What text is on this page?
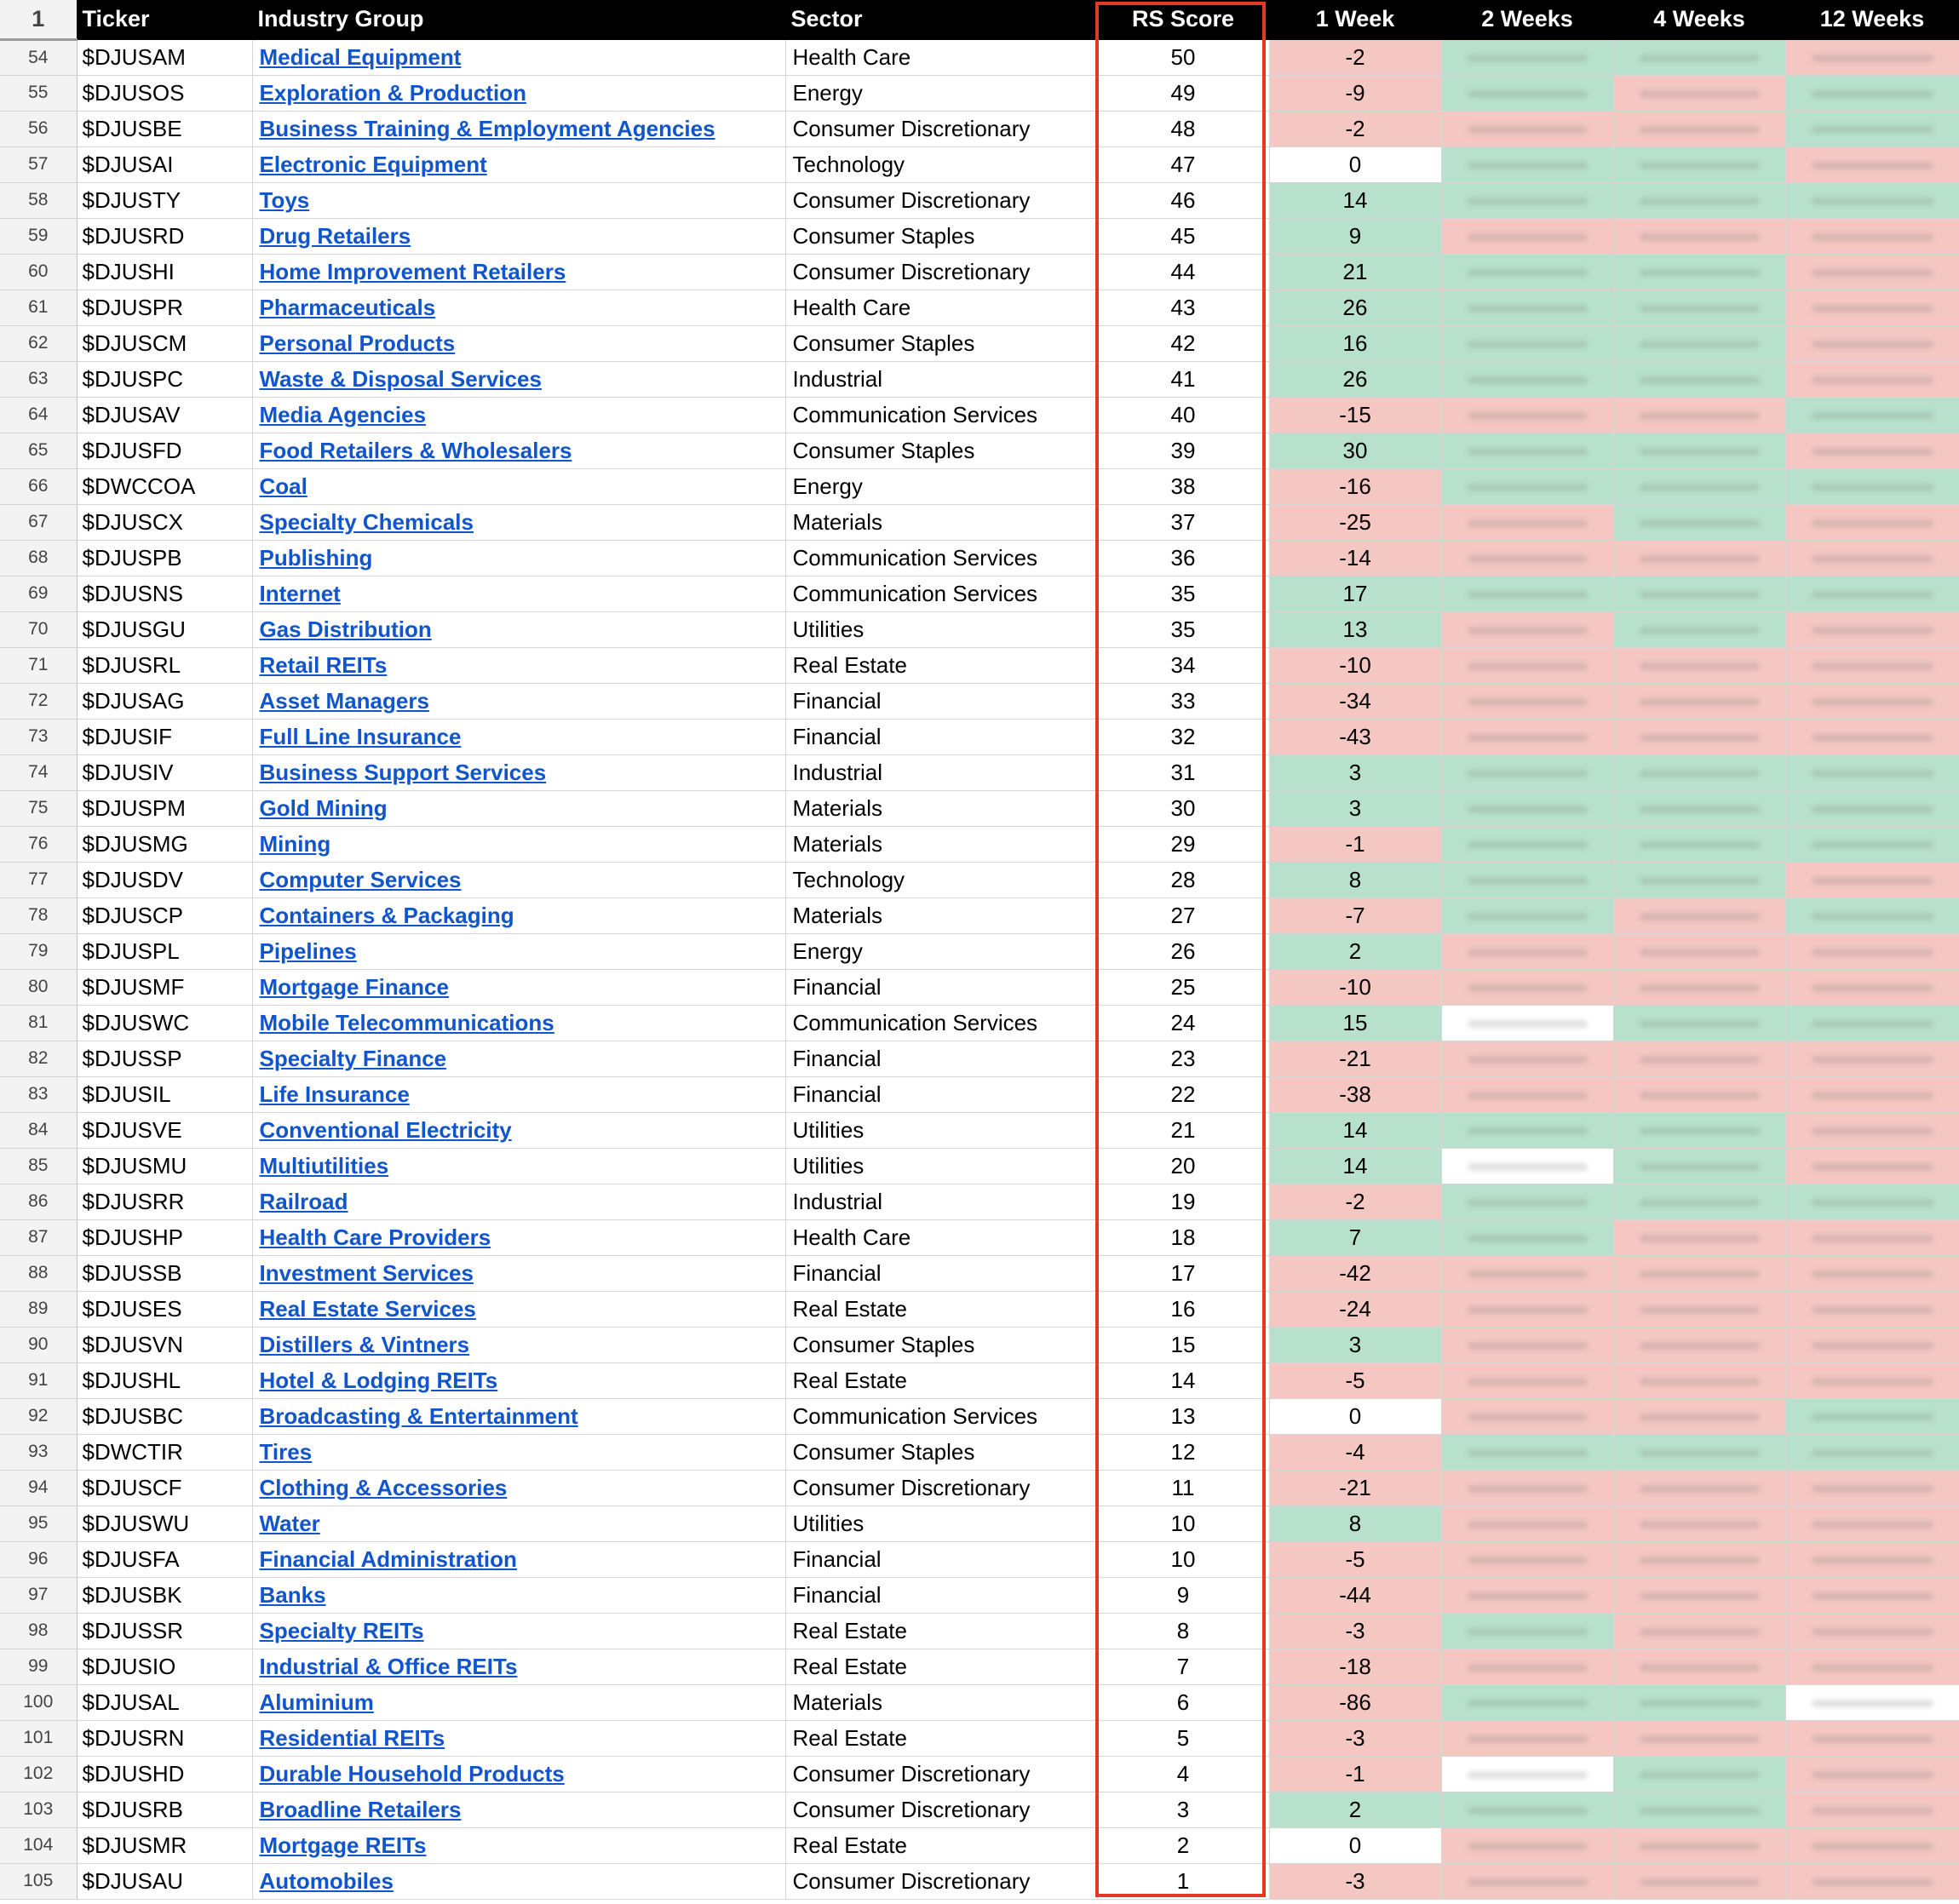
1	Ticker	Industry Group	Sector	RS Score	1 Week	2 Weeks	4 Weeks	12 Weeks
54	$DJUSAM	Medical Equipment	Health Care	50	-2	

55	$DJUSOS	Exploration & Production	Energy	49	-9	

56	$DJUSBE	Business Training & Employment Agencies	Consumer Discretionary	48	-2	

57	$DJUSAI	Electronic Equipment	Technology	47	0	

58	$DJUSTY	Toys	Consumer Discretionary	46	14	

59	$DJUSRD	Drug Retailers	Consumer Staples	45	9	

60	$DJUSHI	Home Improvement Retailers	Consumer Discretionary	44	21	

61	$DJUSPR	Pharmaceuticals	Health Care	43	26	

62	$DJUSCM	Personal Products	Consumer Staples	42	16	

63	$DJUSPC	Waste & Disposal Services	Industrial	41	26	

64	$DJUSAV	Media Agencies	Communication Services	40	-15	

65	$DJUSFD	Food Retailers & Wholesalers	Consumer Staples	39	30	

66	$DWCCOA	Coal	Energy	38	-16	

67	$DJUSCX	Specialty Chemicals	Materials	37	-25	

68	$DJUSPB	Publishing	Communication Services	36	-14	

69	$DJUSNS	Internet	Communication Services	35	17	

70	$DJUSGU	Gas Distribution	Utilities	35	13	

71	$DJUSRL	Retail REITs	Real Estate	34	-10	

72	$DJUSAG	Asset Managers	Financial	33	-34	

73	$DJUSIF	Full Line Insurance	Financial	32	-43	

74	$DJUSIV	Business Support Services	Industrial	31	3	

75	$DJUSPM	Gold Mining	Materials	30	3	

76	$DJUSMG	Mining	Materials	29	-1	

77	$DJUSDV	Computer Services	Technology	28	8	

78	$DJUSCP	Containers & Packaging	Materials	27	-7	

79	$DJUSPL	Pipelines	Energy	26	2	

80	$DJUSMF	Mortgage Finance	Financial	25	-10	

81	$DJUSWC	Mobile Telecommunications	Communication Services	24	15	

82	$DJUSSP	Specialty Finance	Financial	23	-21	

83	$DJUSIL	Life Insurance	Financial	22	-38	

84	$DJUSVE	Conventional Electricity	Utilities	21	14	

85	$DJUSMU	Multiutilities	Utilities	20	14	

86	$DJUSRR	Railroad	Industrial	19	-2	

87	$DJUSHP	Health Care Providers	Health Care	18	7	

88	$DJUSSB	Investment Services	Financial	17	-42	

89	$DJUSES	Real Estate Services	Real Estate	16	-24	

90	$DJUSVN	Distillers & Vintners	Consumer Staples	15	3	

91	$DJUSHL	Hotel & Lodging REITs	Real Estate	14	-5	

92	$DJUSBC	Broadcasting & Entertainment	Communication Services	13	0	

93	$DWCTIR	Tires	Consumer Staples	12	-4	

94	$DJUSCF	Clothing & Accessories	Consumer Discretionary	11	-21	

95	$DJUSWU	Water	Utilities	10	8	

96	$DJUSFA	Financial Administration	Financial	10	-5	

97	$DJUSBK	Banks	Financial	9	-44	

98	$DJUSSR	Specialty REITs	Real Estate	8	-3	

99	$DJUSIO	Industrial & Office REITs	Real Estate	7	-18	

100	$DJUSAL	Aluminium	Materials	6	-86	

101	$DJUSRN	Residential REITs	Real Estate	5	-3	

102	$DJUSHD	Durable Household Products	Consumer Discretionary	4	-1	

103	$DJUSRB	Broadline Retailers	Consumer Discretionary	3	2	

104	$DJUSMR	Mortgage REITs	Real Estate	2	0	

105	$DJUSAU	Automobiles	Consumer Discretionary	1	-3	
